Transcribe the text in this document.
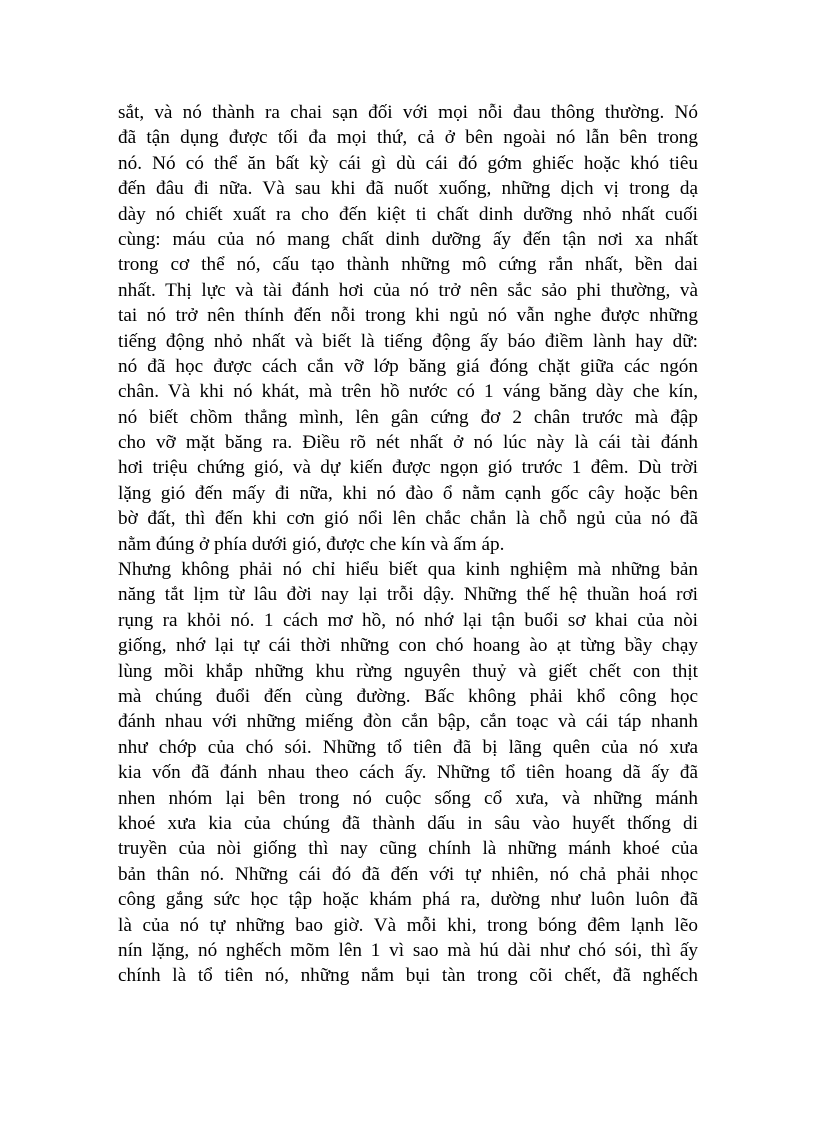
sắt, và nó thành ra chai sạn đối với mọi nỗi đau thông thường. Nó
đã tận dụng được tối đa mọi thứ, cả ở bên ngoài nó lẫn bên trong
nó. Nó có thể ăn bất kỳ cái gì dù cái đó gớm ghiếc hoặc khó tiêu
đến đâu đi nữa. Và sau khi đã nuốt xuống, những dịch vị trong dạ
dày nó chiết xuất ra cho đến kiệt ti chất dinh dưỡng nhỏ nhất cuối
cùng: máu của nó mang chất dinh dưỡng ấy đến tận nơi xa nhất
trong cơ thể nó, cấu tạo thành những mô cứng rắn nhất, bền dai
nhất. Thị lực và tài đánh hơi của nó trở nên sắc sảo phi thường, và
tai nó trở nên thính đến nỗi trong khi ngủ nó vẫn nghe được những
tiếng động nhỏ nhất và biết là tiếng động ấy báo điềm lành hay dữ:
nó đã học được cách cắn vỡ lớp băng giá đóng chặt giữa các ngón
chân. Và khi nó khát, mà trên hồ nước có 1 váng băng dày che kín,
nó biết chồm thẳng mình, lên gân cứng đơ 2 chân trước mà đập
cho vỡ mặt băng ra. Điều rõ nét nhất ở nó lúc này là cái tài đánh
hơi triệu chứng gió, và dự kiến được ngọn gió trước 1 đêm. Dù trời
lặng gió đến mấy đi nữa, khi nó đào ổ nằm cạnh gốc cây hoặc bên
bờ đất, thì đến khi cơn gió nổi lên chắc chắn là chỗ ngủ của nó đã
nằm đúng ở phía dưới gió, được che kín và ấm áp.
Nhưng không phải nó chỉ hiểu biết qua kinh nghiệm mà những bản
năng tắt lịm từ lâu đời nay lại trỗi dậy. Những thế hệ thuần hoá rơi
rụng ra khỏi nó. 1 cách mơ hồ, nó nhớ lại tận buổi sơ khai của nòi
giống, nhớ lại tự cái thời những con chó hoang ào ạt từng bầy chạy
lùng mồi khắp những khu rừng nguyên thuỷ và giết chết con thịt
mà chúng đuổi đến cùng đường. Bấc không phải khổ công học
đánh nhau với những miếng đòn cắn bập, cắn toạc và cái táp nhanh
như chớp của chó sói. Những tổ tiên đã bị lãng quên của nó xưa
kia vốn đã đánh nhau theo cách ấy. Những tổ tiên hoang dã ấy đã
nhen nhóm lại bên trong nó cuộc sống cổ xưa, và những mánh
khoé xưa kia của chúng đã thành dấu in sâu vào huyết thống di
truyền của nòi giống thì nay cũng chính là những mánh khoé của
bản thân nó. Những cái đó đã đến với tự nhiên, nó chả phải nhọc
công gắng sức học tập hoặc khám phá ra, dường như luôn luôn đã
là của nó tự những bao giờ. Và mỗi khi, trong bóng đêm lạnh lẽo
nín lặng, nó nghếch mõm lên 1 vì sao mà hú dài như chó sói, thì ấy
chính là tổ tiên nó, những nắm bụi tàn trong cõi chết, đã nghếch
